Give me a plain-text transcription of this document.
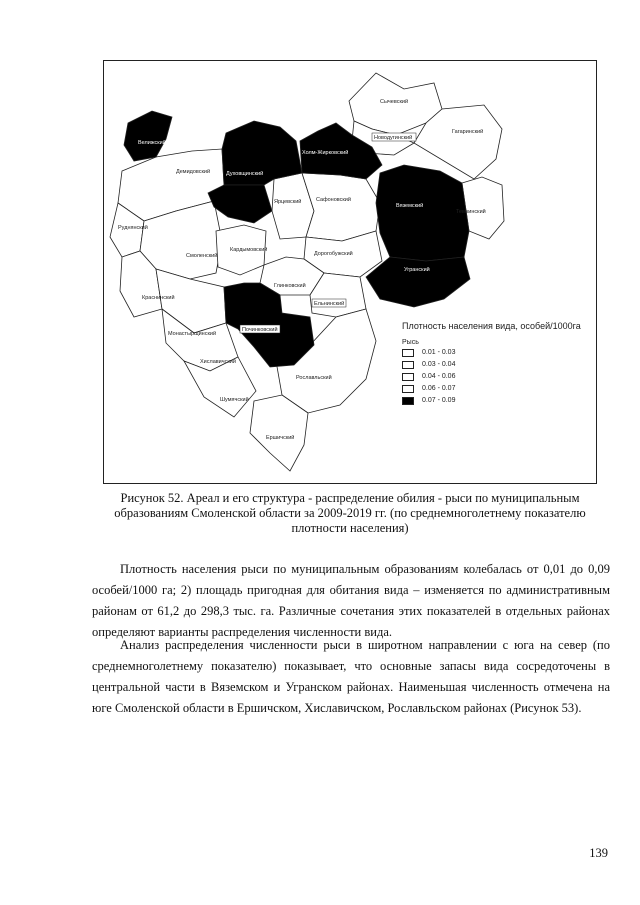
Сычевский
Гагаринский
Новодугинский
Холм-Жирковский
Велижский
Демидовский	Духовщинский
Вяземский
Темкинский
Угранский
Руднянский
Ярцевский	Сафоновский
Кардымовский
Смоленский	Дорогобужский
Глинковский
Краснинский
Ельнинский
Монастырщинский
Починковский
Хиславичский
Рославльский
Шумячский
Ершичский
Плотность населения вида, особей/1000га
Рысь
0.01 - 0.03
0.03 - 0.04
0.04 - 0.06
0.06 - 0.07
0.07 - 0.09
Рисунок 52. Ареал и его структура - распределение обилия - рыси по муниципальным образованиям Смоленской области за 2009-2019 гг. (по среднемноголетнему показателю плотности населения)

Плотность населения рыси по муниципальным образованиям колебалась от 0,01 до 0,09 особей/1000 га; 2) площадь пригодная для обитания вида – изменяется по административным районам от 61,2 до 298,3 тыс. га. Различные сочетания этих показателей в отдельных районах определяют варианты распределения численности вида.

Анализ распределения численности рыси в широтном направлении с юга на север (по среднемноголетнему показателю) показывает, что основные запасы вида сосредоточены в центральной части в Вяземском и Угранском районах. Наименьшая численность отмечена на юге Смоленской области в Ершичском, Хиславичском, Рославльском районах (Рисунок 53).

139
